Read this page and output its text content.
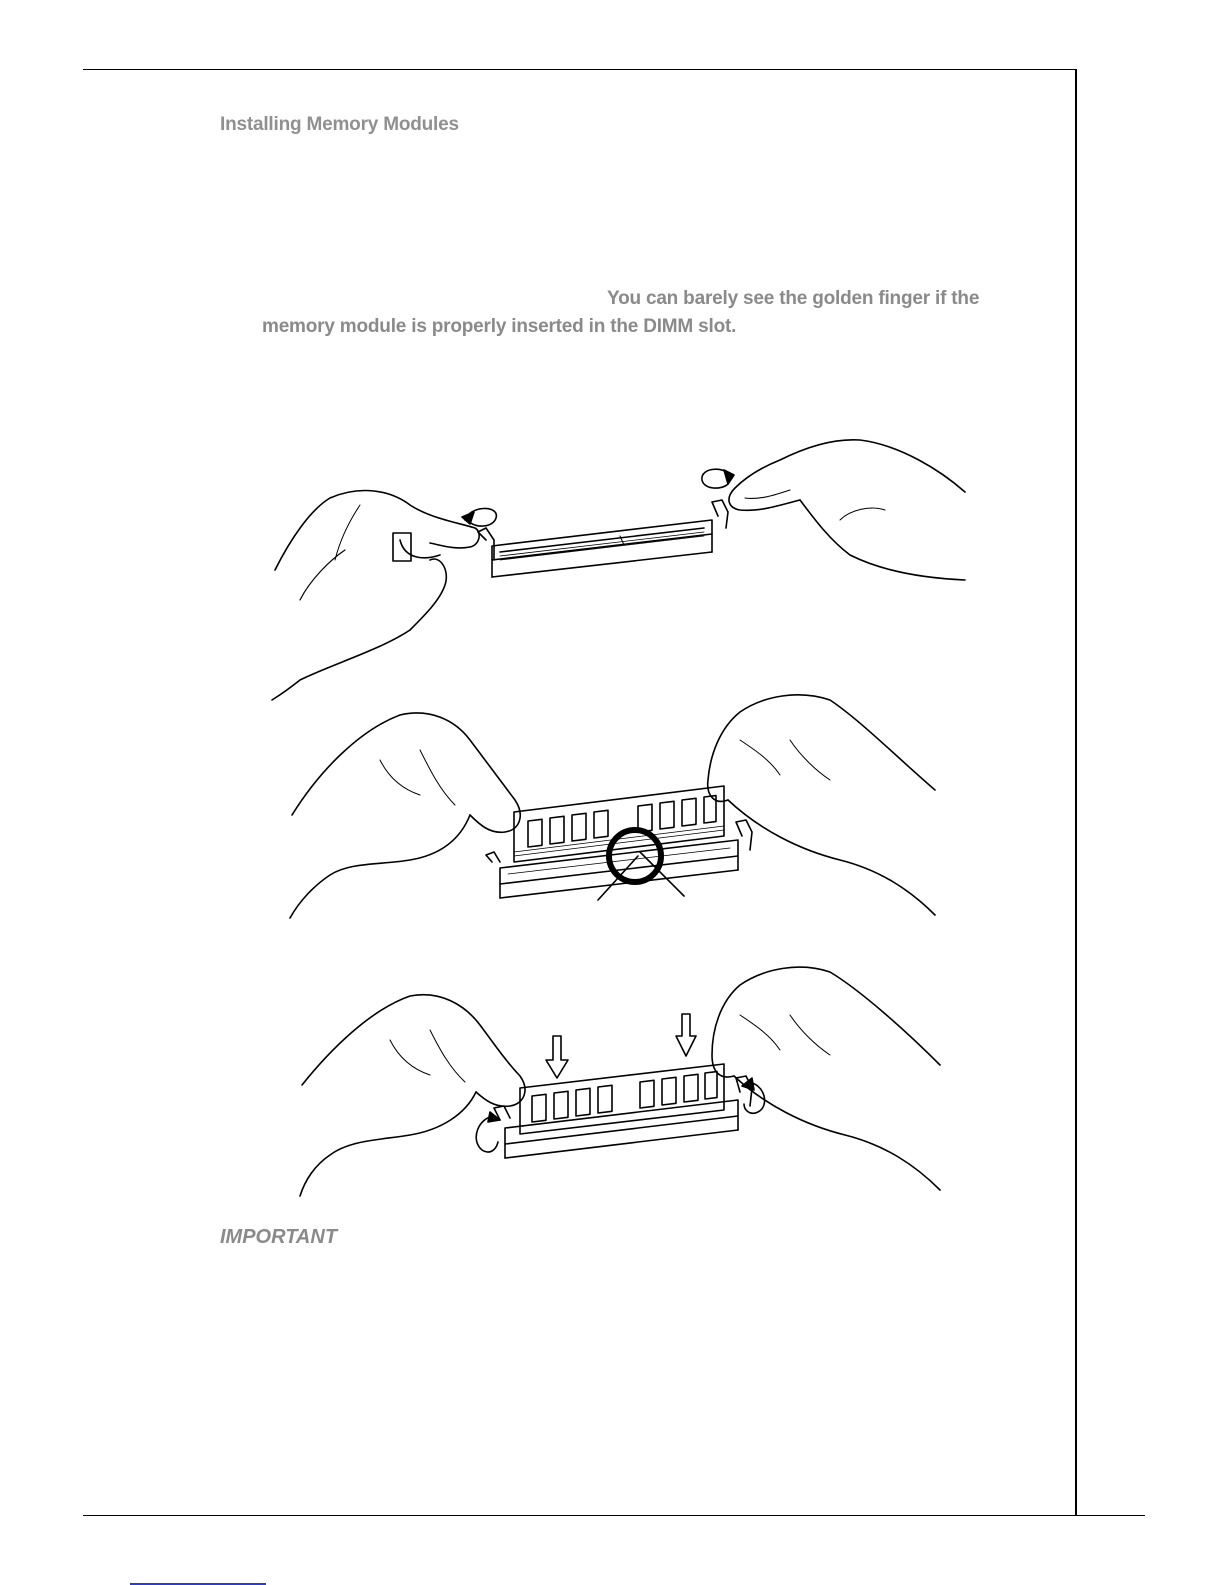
Installing Memory Modules
You can barely see the golden finger if the
memory module is properly inserted in the DIMM slot.
IMPORTANT
